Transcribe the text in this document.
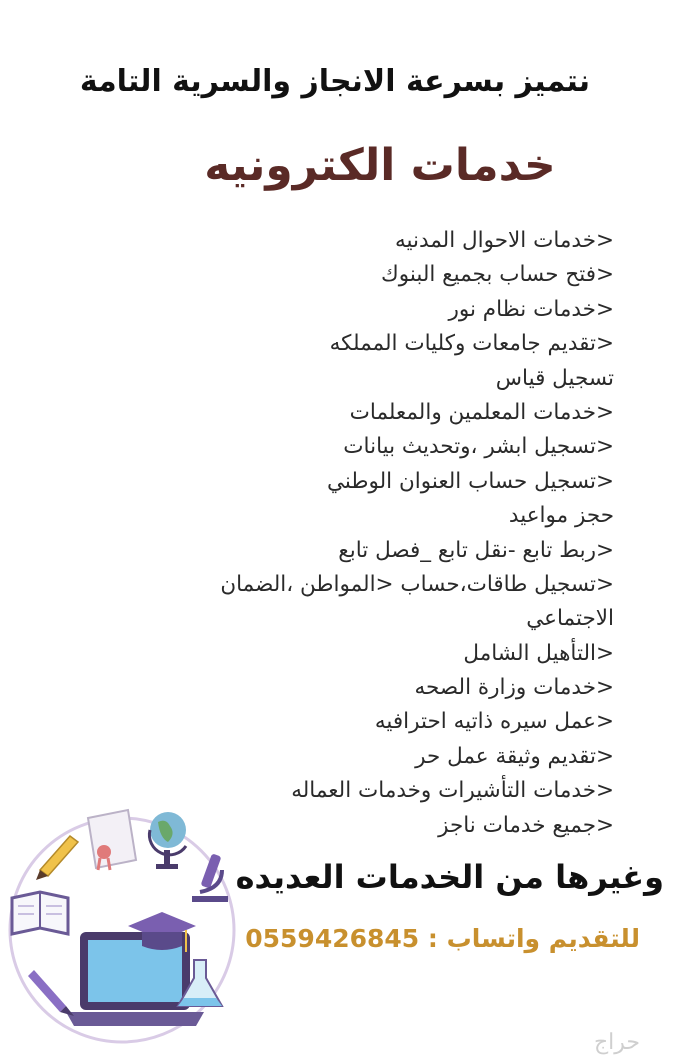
نتميز بسرعة الانجاز والسرية التامة
خدمات الكترونيه
<خدمات الاحوال المدنيه
<فتح حساب بجميع البنوك
<خدمات نظام نور
<تقديم جامعات وكليات المملكه
تسجيل قياس
<خدمات المعلمين والمعلمات
<تسجيل ابشر ،وتحديث بيانات
<تسجيل حساب العنوان الوطني
حجز مواعيد
<ربط تابع -نقل تابع _فصل تابع
<تسجيل طاقات،حساب <المواطن ،الضمان
الاجتماعي
<التأهيل الشامل
<خدمات وزارة الصحه
<عمل سيره ذاتيه احترافيه
<تقديم وثيقة عمل حر
<خدمات التأشيرات وخدمات العماله
<جميع خدمات ناجز
وغيرها من الخدمات العديده
للتقديم واتساب : 0559426845
حراج
